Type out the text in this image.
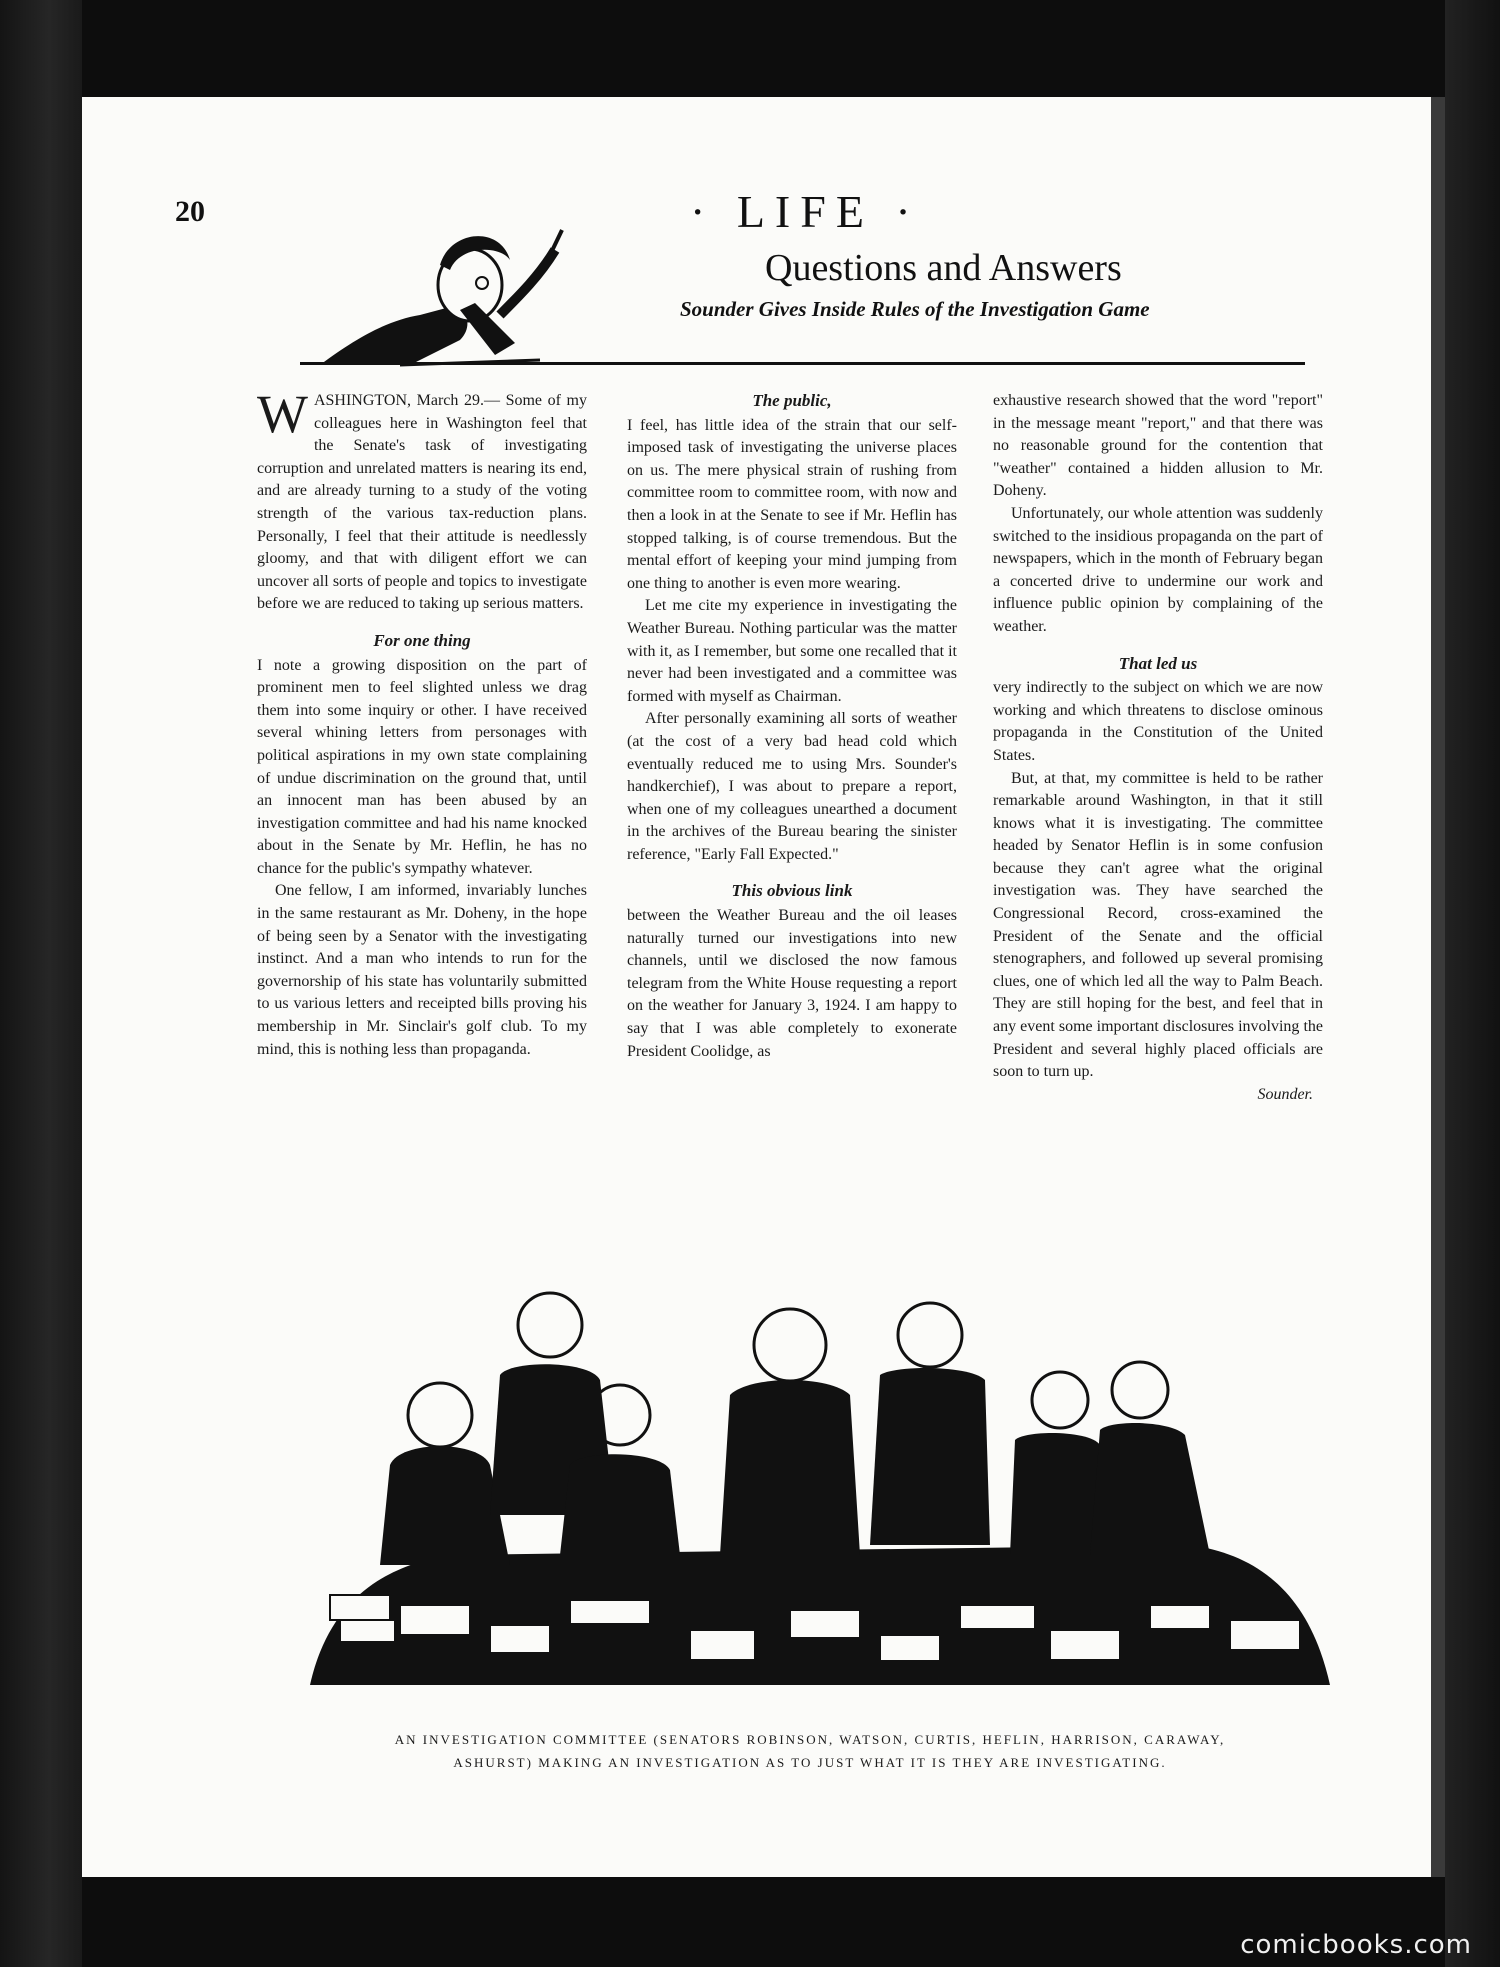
20	· LIFE ·
Questions and Answers
Sounder Gives Inside Rules of the Investigation Game

WASHINGTON, March 29.— Some of my colleagues here in Washington feel that the Senate's task of investigating corruption and unrelated matters is nearing its end, and are already turning to a study of the voting strength of the various tax-reduction plans. Personally, I feel that their attitude is needlessly gloomy, and that with diligent effort we can uncover all sorts of people and topics to investigate before we are reduced to taking up serious matters.

For one thing

I note a growing disposition on the part of prominent men to feel slighted unless we drag them into some inquiry or other. I have received several whining letters from personages with political aspirations in my own state complaining of undue discrimination on the ground that, until an innocent man has been abused by an investigation committee and had his name knocked about in the Senate by Mr. Heflin, he has no chance for the public's sympathy whatever.

One fellow, I am informed, invariably lunches in the same restaurant as Mr. Doheny, in the hope of being seen by a Senator with the investigating instinct. And a man who intends to run for the governorship of his state has voluntarily submitted to us various letters and receipted bills proving his membership in Mr. Sinclair's golf club. To my mind, this is nothing less than propaganda.

The public,

I feel, has little idea of the strain that our self-imposed task of investigating the universe places on us. The mere physical strain of rushing from committee room to committee room, with now and then a look in at the Senate to see if Mr. Heflin has stopped talking, is of course tremendous. But the mental effort of keeping your mind jumping from one thing to another is even more wearing.

Let me cite my experience in investigating the Weather Bureau. Nothing particular was the matter with it, as I remember, but some one recalled that it never had been investigated and a committee was formed with myself as Chairman.

After personally examining all sorts of weather (at the cost of a very bad head cold which eventually reduced me to using Mrs. Sounder's handkerchief), I was about to prepare a report, when one of my colleagues unearthed a document in the archives of the Bureau bearing the sinister reference, "Early Fall Expected."

This obvious link

between the Weather Bureau and the oil leases naturally turned our investigations into new channels, until we disclosed the now famous telegram from the White House requesting a report on the weather for January 3, 1924. I am happy to say that I was able completely to exonerate President Coolidge, as

exhaustive research showed that the word "report" in the message meant "report," and that there was no reasonable ground for the contention that "weather" contained a hidden allusion to Mr. Doheny.

Unfortunately, our whole attention was suddenly switched to the insidious propaganda on the part of newspapers, which in the month of February began a concerted drive to undermine our work and influence public opinion by complaining of the weather.

That led us

very indirectly to the subject on which we are now working and which threatens to disclose ominous propaganda in the Constitution of the United States.

But, at that, my committee is held to be rather remarkable around Washington, in that it still knows what it is investigating. The committee headed by Senator Heflin is in some confusion because they can't agree what the original investigation was. They have searched the Congressional Record, cross-examined the President of the Senate and the official stenographers, and followed up several promising clues, one of which led all the way to Palm Beach. They are still hoping for the best, and feel that in any event some important disclosures involving the President and several highly placed officials are soon to turn up.

Sounder.
AN INVESTIGATION COMMITTEE (SENATORS ROBINSON, WATSON, CURTIS, HEFLIN, HARRISON, CARAWAY, ASHURST) MAKING AN INVESTIGATION AS TO JUST WHAT IT IS THEY ARE INVESTIGATING.
comicbooks.com
